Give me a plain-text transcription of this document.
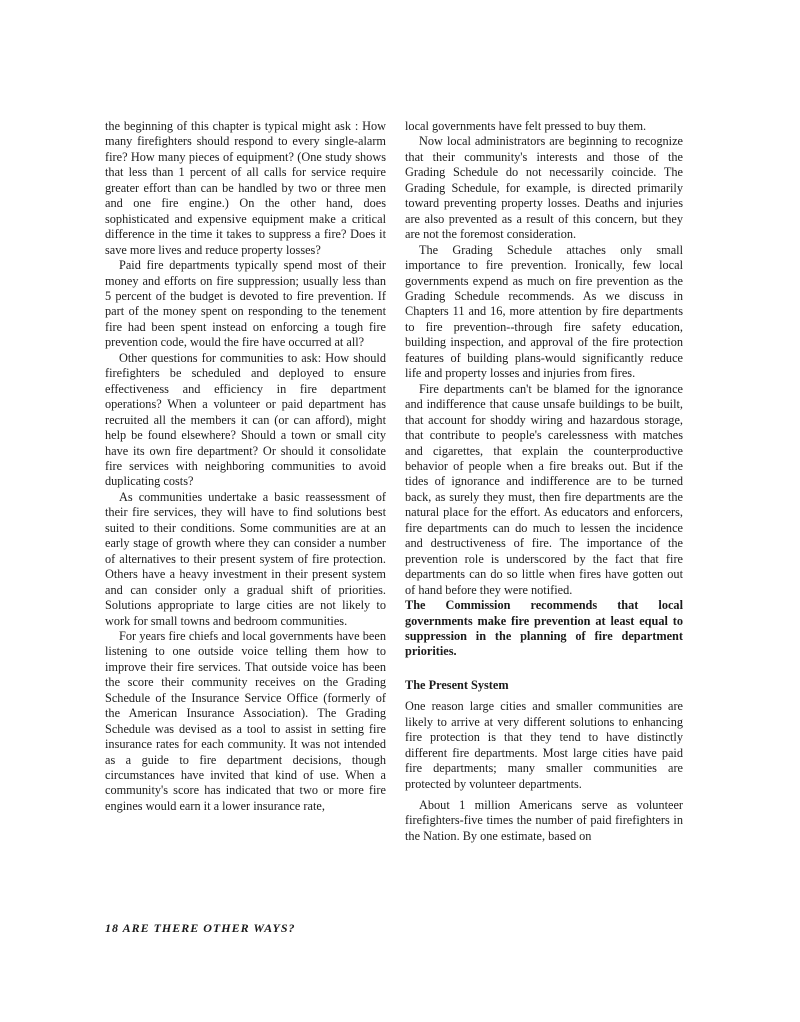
the beginning of this chapter is typical might ask : How many firefighters should respond to every single-alarm fire? How many pieces of equipment? (One study shows that less than 1 percent of all calls for service require greater effort than can be handled by two or three men and one fire engine.) On the other hand, does sophisticated and expensive equipment make a critical difference in the time it takes to suppress a fire? Does it save more lives and reduce property losses?

Paid fire departments typically spend most of their money and efforts on fire suppression; usually less than 5 percent of the budget is devoted to fire prevention. If part of the money spent on responding to the tenement fire had been spent instead on enforcing a tough fire prevention code, would the fire have occurred at all?

Other questions for communities to ask: How should firefighters be scheduled and deployed to ensure effectiveness and efficiency in fire department operations? When a volunteer or paid department has recruited all the members it can (or can afford), might help be found elsewhere? Should a town or small city have its own fire department? Or should it consolidate fire services with neighboring communities to avoid duplicating costs?

As communities undertake a basic reassessment of their fire services, they will have to find solutions best suited to their conditions. Some communities are at an early stage of growth where they can consider a number of alternatives to their present system of fire protection. Others have a heavy investment in their present system and can consider only a gradual shift of priorities. Solutions appropriate to large cities are not likely to work for small towns and bedroom communities.

For years fire chiefs and local governments have been listening to one outside voice telling them how to improve their fire services. That outside voice has been the score their community receives on the Grading Schedule of the Insurance Service Office (formerly of the American Insurance Association). The Grading Schedule was devised as a tool to assist in setting fire insurance rates for each community. It was not intended as a guide to fire department decisions, though circumstances have invited that kind of use. When a community's score has indicated that two or more fire engines would earn it a lower insurance rate,

local governments have felt pressed to buy them.

Now local administrators are beginning to recognize that their community's interests and those of the Grading Schedule do not necessarily coincide. The Grading Schedule, for example, is directed primarily toward preventing property losses. Deaths and injuries are also prevented as a result of this concern, but they are not the foremost consideration.

The Grading Schedule attaches only small importance to fire prevention. Ironically, few local governments expend as much on fire prevention as the Grading Schedule recommends. As we discuss in Chapters 11 and 16, more attention by fire departments to fire prevention--through fire safety education, building inspection, and approval of the fire protection features of building plans-would significantly reduce life and property losses and injuries from fires.

Fire departments can't be blamed for the ignorance and indifference that cause unsafe buildings to be built, that account for shoddy wiring and hazardous storage, that contribute to people's carelessness with matches and cigarettes, that explain the counterproductive behavior of people when a fire breaks out. But if the tides of ignorance and indifference are to be turned back, as surely they must, then fire departments are the natural place for the effort. As educators and enforcers, fire departments can do much to lessen the incidence and destructiveness of fire. The importance of the prevention role is underscored by the fact that fire departments can do so little when fires have gotten out of hand before they were notified.

The Commission recommends that local governments make fire prevention at least equal to suppression in the planning of fire department priorities.

The Present System

One reason large cities and smaller communities are likely to arrive at very different solutions to enhancing fire protection is that they tend to have distinctly different fire departments. Most large cities have paid fire departments; many smaller communities are protected by volunteer departments.

About 1 million Americans serve as volunteer firefighters-five times the number of paid firefighters in the Nation. By one estimate, based on

18 ARE THERE OTHER WAYS?
